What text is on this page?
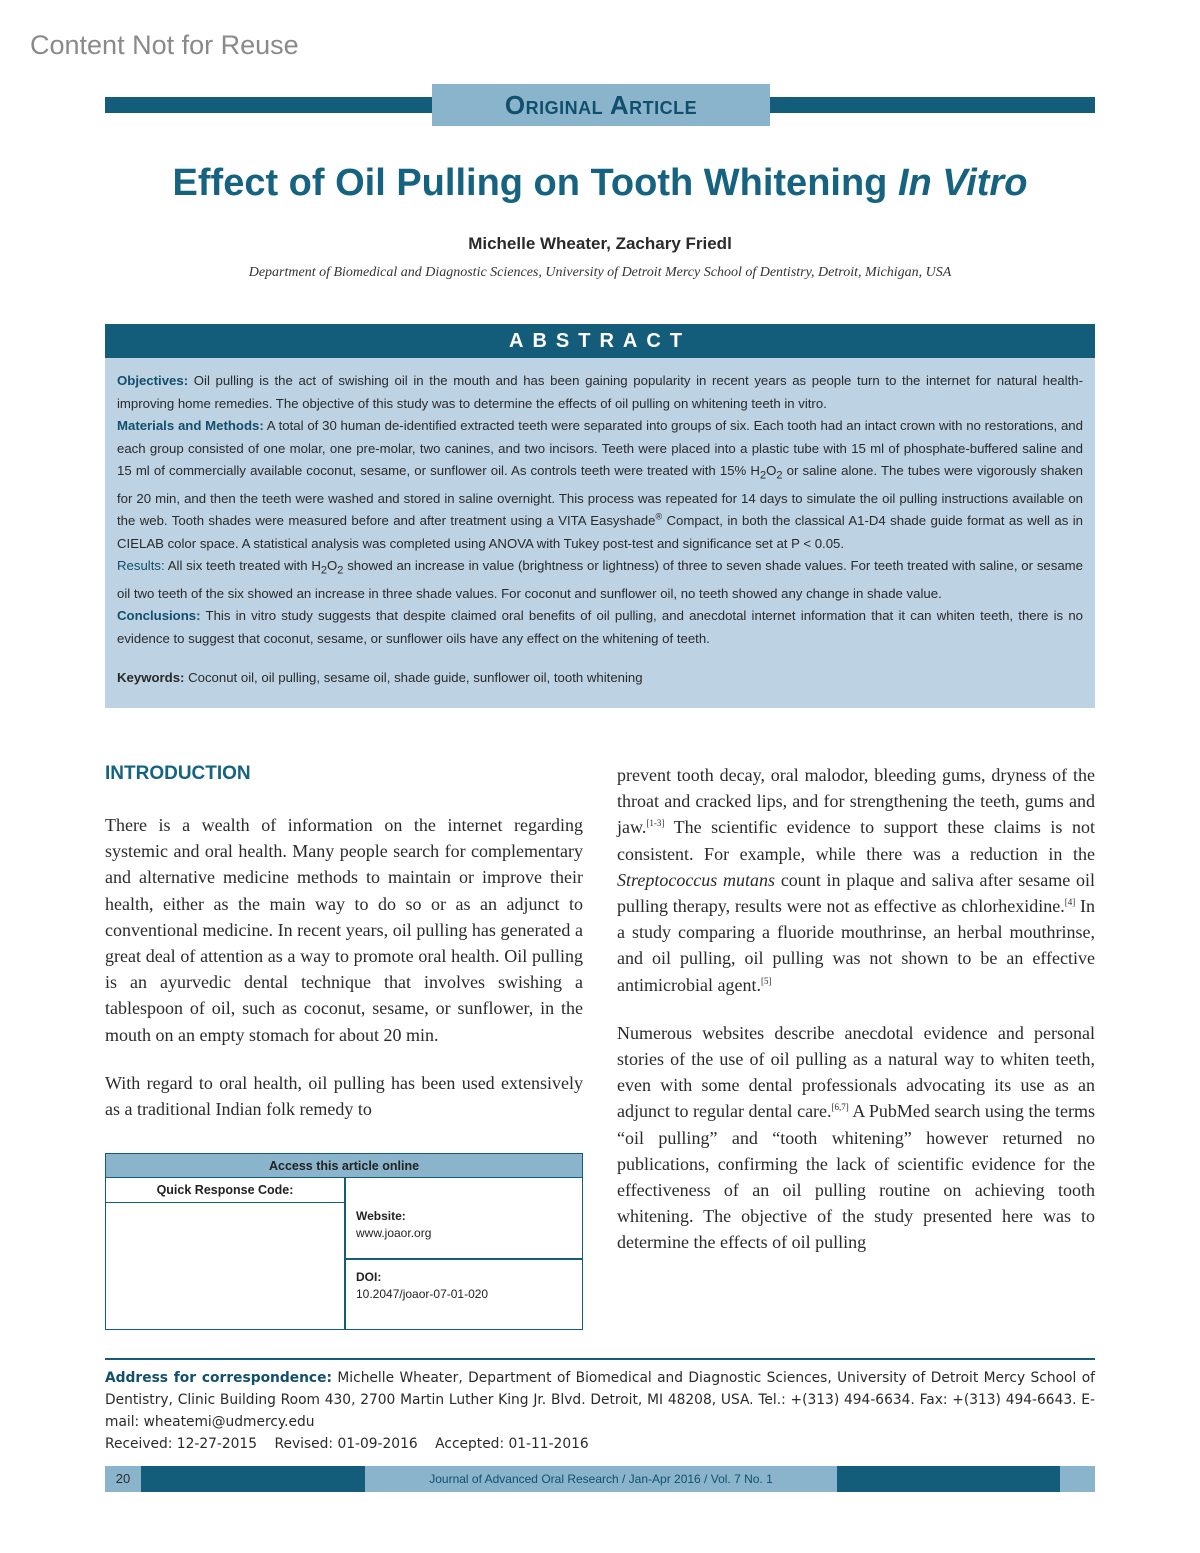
Content Not for Reuse
Original Article
Effect of Oil Pulling on Tooth Whitening In Vitro
Michelle Wheater, Zachary Friedl
Department of Biomedical and Diagnostic Sciences, University of Detroit Mercy School of Dentistry, Detroit, Michigan, USA
ABSTRACT

Objectives: Oil pulling is the act of swishing oil in the mouth and has been gaining popularity in recent years as people turn to the internet for natural health-improving home remedies. The objective of this study was to determine the effects of oil pulling on whitening teeth in vitro.

Materials and Methods: A total of 30 human de-identified extracted teeth were separated into groups of six. Each tooth had an intact crown with no restorations, and each group consisted of one molar, one pre-molar, two canines, and two incisors. Teeth were placed into a plastic tube with 15 ml of phosphate-buffered saline and 15 ml of commercially available coconut, sesame, or sunflower oil. As controls teeth were treated with 15% $H_2O_2$ or saline alone. The tubes were vigorously shaken for 20 min, and then the teeth were washed and stored in saline overnight. This process was repeated for 14 days to simulate the oil pulling instructions available on the web. Tooth shades were measured before and after treatment using a VITA Easyshade® Compact, in both the classical A1-D4 shade guide format as well as in CIELAB color space. A statistical analysis was completed using ANOVA with Tukey post-test and significance set at P < 0.05.

Results: All six teeth treated with $H_2O_2$ showed an increase in value (brightness or lightness) of three to seven shade values. For teeth treated with saline, or sesame oil two teeth of the six showed an increase in three shade values. For coconut and sunflower oil, no teeth showed any change in shade value.

Conclusions: This in vitro study suggests that despite claimed oral benefits of oil pulling, and anecdotal internet information that it can whiten teeth, there is no evidence to suggest that coconut, sesame, or sunflower oils have any effect on the whitening of teeth.

Keywords: Coconut oil, oil pulling, sesame oil, shade guide, sunflower oil, tooth whitening

INTRODUCTION

There is a wealth of information on the internet regarding systemic and oral health. Many people search for complementary and alternative medicine methods to maintain or improve their health, either as the main way to do so or as an adjunct to conventional medicine. In recent years, oil pulling has generated a great deal of attention as a way to promote oral health. Oil pulling is an ayurvedic dental technique that involves swishing a tablespoon of oil, such as coconut, sesame, or sunflower, in the mouth on an empty stomach for about 20 min.

With regard to oral health, oil pulling has been used extensively as a traditional Indian folk remedy to

Access this article online
Quick Response Code:
Website:
www.joaor.org
DOI:
10.2047/joaor-07-01-020

prevent tooth decay, oral malodor, bleeding gums, dryness of the throat and cracked lips, and for strengthening the teeth, gums and jaw.[1-3] The scientific evidence to support these claims is not consistent. For example, while there was a reduction in the Streptococcus mutans count in plaque and saliva after sesame oil pulling therapy, results were not as effective as chlorhexidine.[4] In a study comparing a fluoride mouthrinse, an herbal mouthrinse, and oil pulling, oil pulling was not shown to be an effective antimicrobial agent.[5]

Numerous websites describe anecdotal evidence and personal stories of the use of oil pulling as a natural way to whiten teeth, even with some dental professionals advocating its use as an adjunct to regular dental care.[6,7] A PubMed search using the terms “oil pulling” and “tooth whitening” however returned no publications, confirming the lack of scientific evidence for the effectiveness of an oil pulling routine on achieving tooth whitening. The objective of the study presented here was to determine the effects of oil pulling

Address for correspondence: Michelle Wheater, Department of Biomedical and Diagnostic Sciences, University of Detroit Mercy School of Dentistry, Clinic Building Room 430, 2700 Martin Luther King Jr. Blvd. Detroit, MI 48208, USA. Tel.: +(313) 494-6634. Fax: +(313) 494-6643. E-mail: wheatemi@udmercy.edu

Received: 12-27-2015    Revised: 01-09-2016    Accepted: 01-11-2016

20	Journal of Advanced Oral Research / Jan-Apr 2016 / Vol. 7 No. 1
